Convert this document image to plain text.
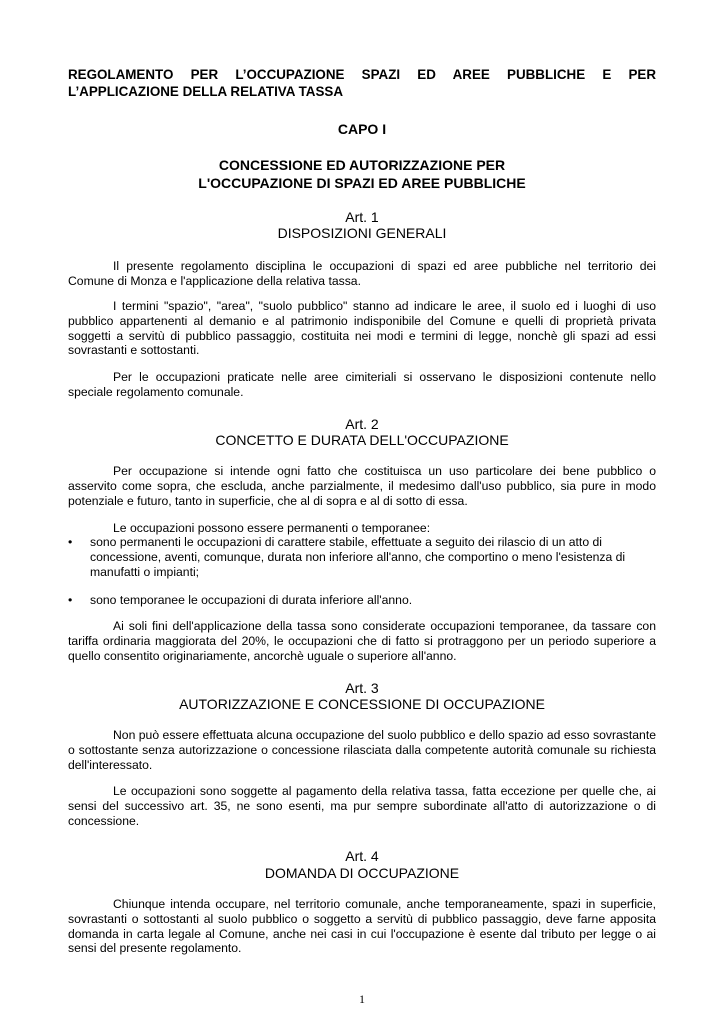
REGOLAMENTO PER L’OCCUPAZIONE SPAZI ED AREE PUBBLICHE E PER L’APPLICAZIONE DELLA RELATIVA TASSA

CAPO I

CONCESSIONE ED AUTORIZZAZIONE PER

L'OCCUPAZIONE DI SPAZI ED AREE PUBBLICHE

Art. 1

DISPOSIZIONI GENERALI

Il presente regolamento disciplina le occupazioni di spazi ed aree pubbliche nel territorio dei Comune di Monza e l'applicazione della relativa tassa.

I termini "spazio", "area", "suolo pubblico" stanno ad indicare le aree, il suolo ed i luoghi di uso pubblico appartenenti al demanio e al patrimonio indisponibile del Comune e quelli di proprietà privata soggetti a servitù di pubblico passaggio, costituita nei modi e termini di legge, nonchè gli spazi ad essi sovrastanti e sottostanti.

Per le occupazioni praticate nelle aree cimiteriali si osservano le disposizioni contenute nello speciale regolamento comunale.

Art. 2

CONCETTO E DURATA DELL'OCCUPAZIONE

Per occupazione si intende ogni fatto che costituisca un uso particolare dei bene pubblico o asservito come sopra, che escluda, anche parzialmente, il medesimo dall'uso pubblico, sia pure in modo potenziale e futuro, tanto in superficie, che al di sopra e al di sotto di essa.

Le occupazioni possono essere permanenti o temporanee:

•	sono permanenti le occupazioni di carattere stabile, effettuate a seguito dei rilascio di un atto di concessione, aventi, comunque, durata non inferiore all'anno, che comportino o meno l'esistenza di manufatti o impianti;
•	sono temporanee le occupazioni di durata inferiore all'anno.

Ai soli fini dell'applicazione della tassa sono considerate occupazioni temporanee, da tassare con tariffa ordinaria maggiorata del 20%, le occupazioni che di fatto si protraggono per un periodo superiore a quello consentito originariamente, ancorchè uguale o superiore all'anno.

Art. 3

AUTORIZZAZIONE E CONCESSIONE DI OCCUPAZIONE

Non può essere effettuata alcuna occupazione del suolo pubblico e dello spazio ad esso sovrastante o sottostante senza autorizzazione o concessione rilasciata dalla competente autorità comunale su richiesta dell'interessato.

Le occupazioni sono soggette al pagamento della relativa tassa, fatta eccezione per quelle che, ai sensi del successivo art. 35, ne sono esenti, ma pur sempre subordinate all'atto di autorizzazione o di concessione.

Art. 4

DOMANDA DI OCCUPAZIONE

Chiunque intenda occupare, nel territorio comunale, anche temporaneamente, spazi in superficie, sovrastanti o sottostanti al suolo pubblico o soggetto a servitù di pubblico passaggio, deve farne apposita domanda in carta legale al Comune, anche nei casi in cui l'occupazione è esente dal tributo per legge o ai sensi del presente regolamento.

1
